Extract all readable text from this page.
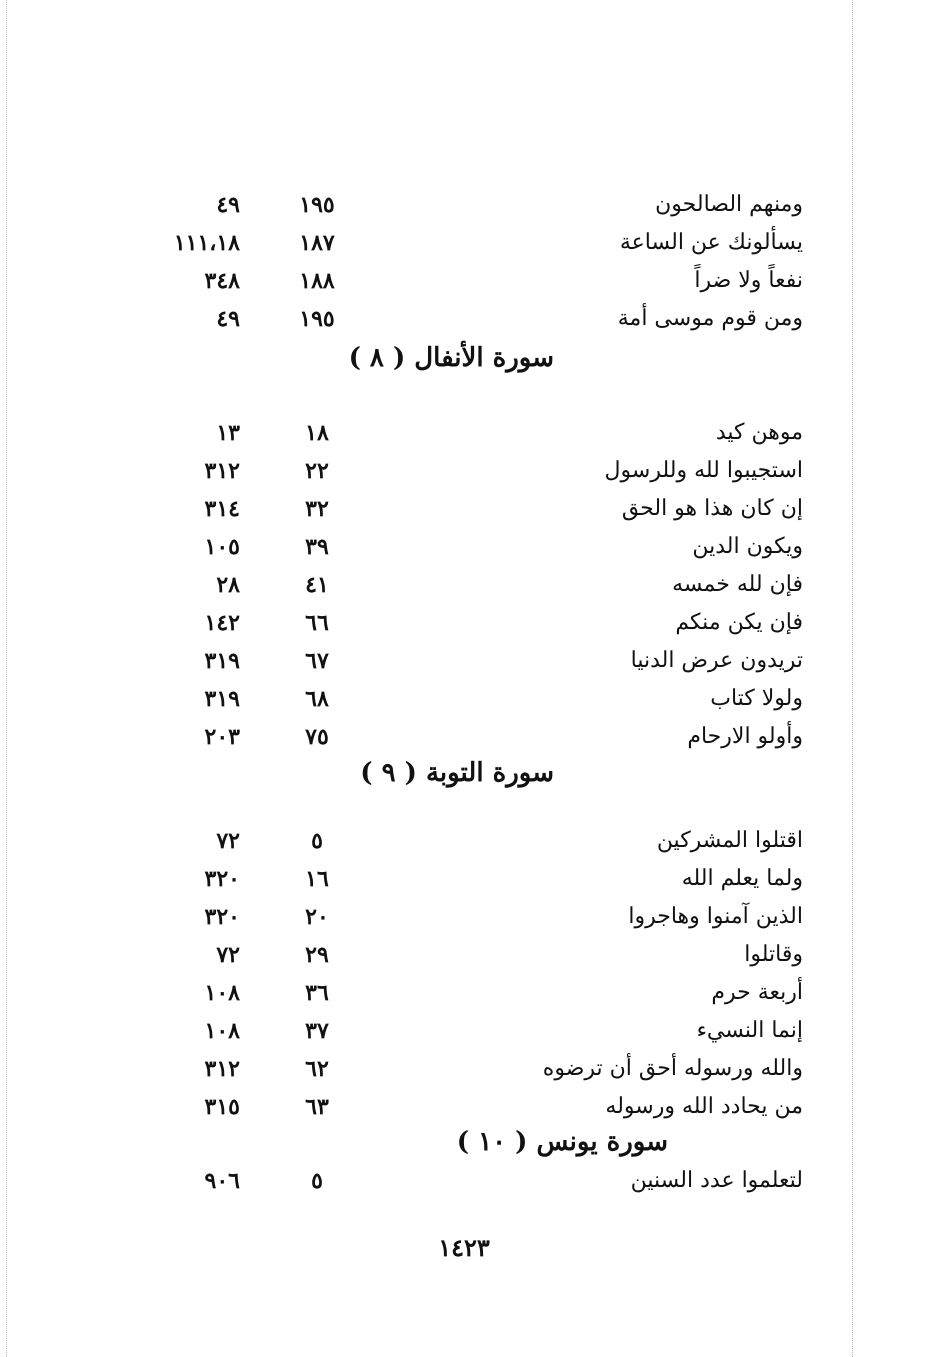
ومنهم الصالحون
١٩٥
٤٩
يسألونك عن الساعة
١٨٧
١١١،١٨
نفعاً ولا ضراً
١٨٨
٣٤٨
ومن قوم موسى أمة
١٩٥
٤٩
سورة الأنفال ( ٨ )
موهن كيد
١٨
١٣
استجيبوا لله وللرسول
٢٢
٣١٢
إن كان هذا هو الحق
٣٢
٣١٤
ويكون الدين
٣٩
١٠٥
فإن لله خمسه
٤١
٢٨
فإن يكن منكم
٦٦
١٤٢
تريدون عرض الدنيا
٦٧
٣١٩
ولولا كتاب
٦٨
٣١٩
وأولو الارحام
٧٥
٢٠٣
سورة التوبة ( ٩ )
اقتلوا المشركين
٥
٧٢
ولما يعلم الله
١٦
٣٢٠
الذين آمنوا وهاجروا
٢٠
٣٢٠
وقاتلوا
٢٩
٧٢
أربعة حرم
٣٦
١٠٨
إنما النسيء
٣٧
١٠٨
والله ورسوله أحق أن ترضوه
٦٢
٣١٢
من يحادد الله ورسوله
٦٣
٣١٥
سورة يونس ( ١٠ )
لتعلموا عدد السنين
٥
٩٠٦
١٤٢٣
